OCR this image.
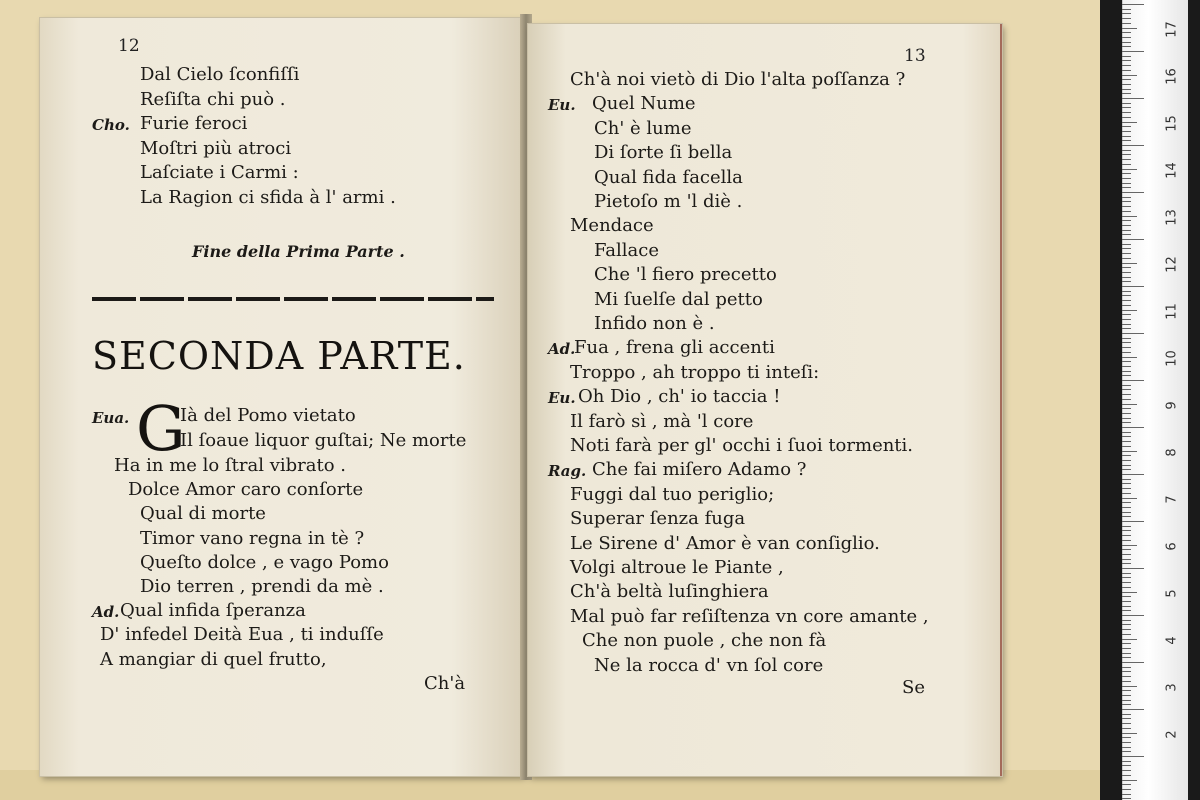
12
Dal Cielo ſconfiſſi
Reſiſta chi può .
Cho. Furie feroci
Moſtri più atroci
Laſciate i Carmi :
La Ragion ci sfida à l' armi .
Fine della Prima Parte .
SECONDA PARTE.
Eua. G
Ià del Pomo vietato
Il ſoaue liquor guſtai; Ne morte
Ha in me lo ſtral vibrato .
Dolce Amor caro conſorte
Qual di morte
Timor vano regna in tè ?
Queſto dolce , e vago Pomo
Dio terren , prendi da mè .
Ad. Qual infida ſperanza
D' infedel Deità Eua , ti induſſe
A mangiar di quel frutto,
Ch'à
13
Ch'à noi vietò di Dio l'alta poſſanza ?
Eu. Quel Nume
Ch' è lume
Di ſorte ſi bella
Qual fida facella
Pietoſo m 'l diè .
Mendace
Fallace
Che 'l fiero precetto
Mi ſuelſe dal petto
Infido non è .
Ad.
Fua , frena gli accenti
Troppo , ah troppo ti inteſi:
Eu. Oh Dio , ch' io taccia !
Il farò sì , mà 'l core
Noti farà per gl' occhi i ſuoi tormenti.
Rag. Che fai miſero Adamo ?
Fuggi dal tuo periglio;
Superar ſenza fuga
Le Sirene d' Amor è van conſiglio.
Volgi altroue le Piante ,
Ch'à beltà luſinghiera
Mal può far reſiſtenza vn core amante ,
Che non puole , che non fà
Ne la rocca d' vn ſol core
Se
17
16
15
14
13
12
11
10
9
8
7
6
5
4
3
2
